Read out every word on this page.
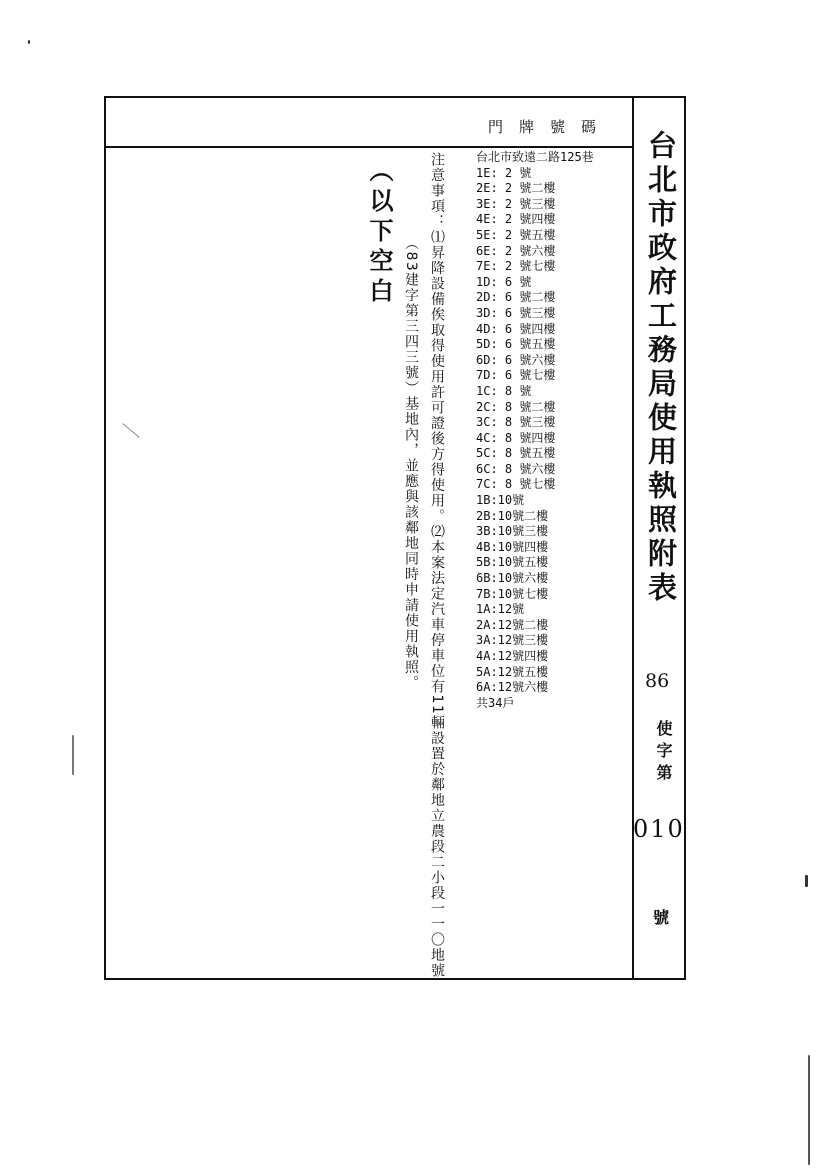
門牌號碼
台北市政府工務局使用執照附表
86
使字第
010
號
台北市致遠二路125巷
1E: 2 號
2E: 2 號二樓
3E: 2 號三樓
4E: 2 號四樓
5E: 2 號五樓
6E: 2 號六樓
7E: 2 號七樓
1D: 6 號
2D: 6 號二樓
3D: 6 號三樓
4D: 6 號四樓
5D: 6 號五樓
6D: 6 號六樓
7D: 6 號七樓
1C: 8 號
2C: 8 號二樓
3C: 8 號三樓
4C: 8 號四樓
5C: 8 號五樓
6C: 8 號六樓
7C: 8 號七樓
1B:10號
2B:10號二樓
3B:10號三樓
4B:10號四樓
5B:10號五樓
6B:10號六樓
7B:10號七樓
1A:12號
2A:12號二樓
3A:12號三樓
4A:12號四樓
5A:12號五樓
6A:12號六樓
共34戶
注意事項：⑴昇降設備俟取得使用許可證後方得使用。⑵本案法定汽車停車位有11輛設置於鄰地立農段二小段一一〇地號
（83建字第三四三號）基地內，並應與該鄰地同時申請使用執照。
（以下空白
